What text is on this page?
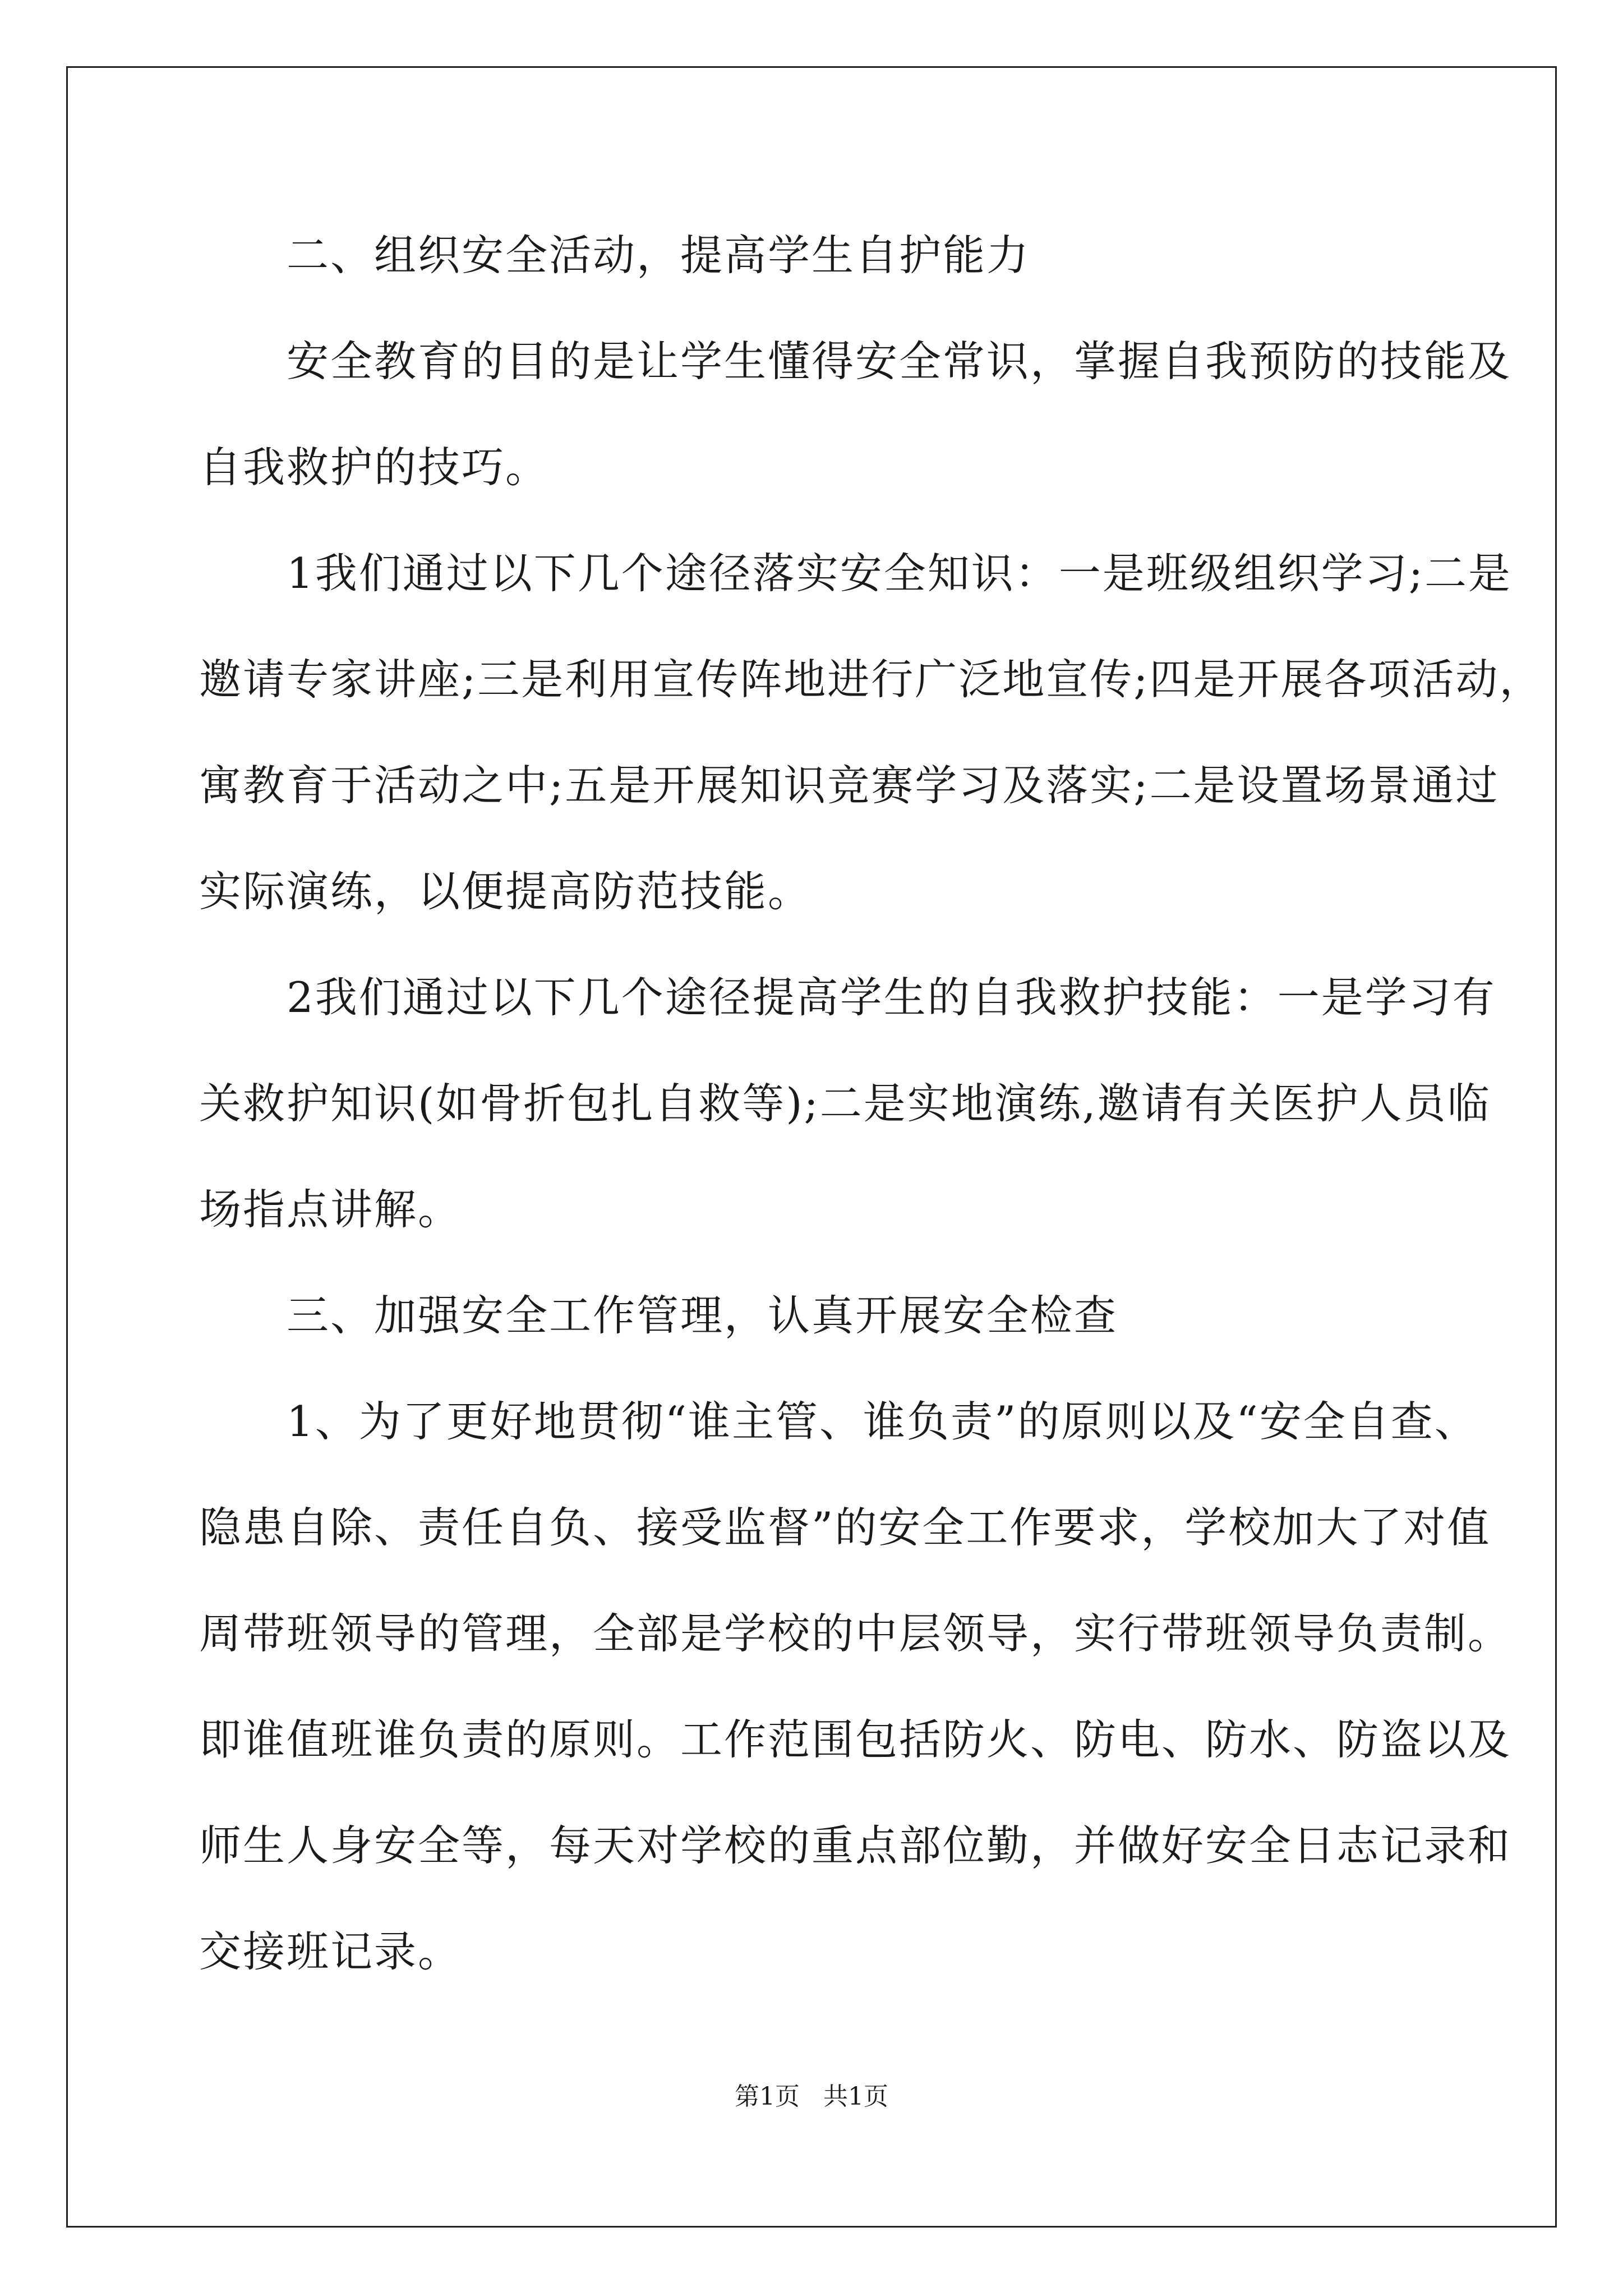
　　二、组织安全活动，提高学生自护能力
　　安全教育的目的是让学生懂得安全常识，掌握自我预防的技能及
自我救护的技巧。
　　1我们通过以下几个途径落实安全知识：一是班级组织学习;二是
邀请专家讲座;三是利用宣传阵地进行广泛地宣传;四是开展各项活动，
寓教育于活动之中;五是开展知识竞赛学习及落实;二是设置场景通过
实际演练，以便提高防范技能。
　　2我们通过以下几个途径提高学生的自我救护技能：一是学习有
关救护知识(如骨折包扎自救等);二是实地演练,邀请有关医护人员临
场指点讲解。
　　三、加强安全工作管理，认真开展安全检查
　　1、为了更好地贯彻“谁主管、谁负责”的原则以及“安全自查、
隐患自除、责任自负、接受监督”的安全工作要求，学校加大了对值
周带班领导的管理，全部是学校的中层领导，实行带班领导负责制。
即谁值班谁负责的原则。工作范围包括防火、防电、防水、防盗以及
师生人身安全等，每天对学校的重点部位勤，并做好安全日志记录和
交接班记录。
第1页   共1页
